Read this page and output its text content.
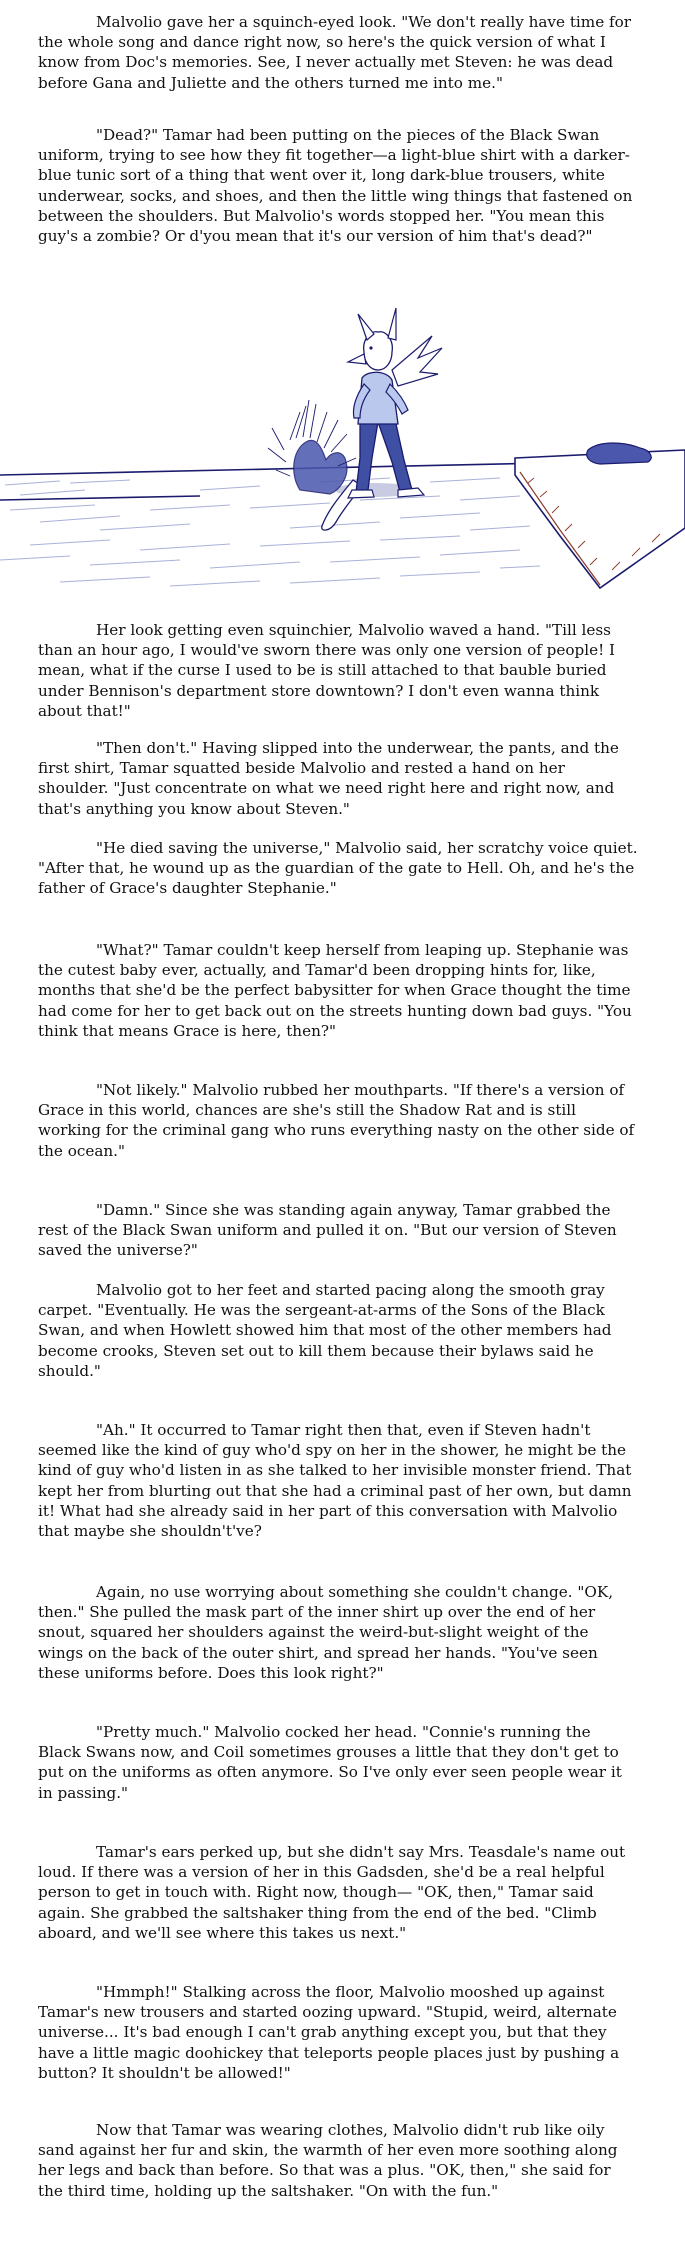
Malvolio gave her a squinch-eyed look. "We don't really have time for the whole song and dance right now, so here's the quick version of what I know from Doc's memories. See, I never actually met Steven: he was dead before Gana and Juliette and the others turned me into me."

"Dead?" Tamar had been putting on the pieces of the Black Swan uniform, trying to see how they fit together—a light-blue shirt with a darker-blue tunic sort of a thing that went over it, long dark-blue trousers, white underwear, socks, and shoes, and then the little wing things that fastened on between the shoulders. But Malvolio's words stopped her. "You mean this guy's a zombie? Or d'you mean that it's our version of him that's dead?"

Her look getting even squinchier, Malvolio waved a hand. "Till less than an hour ago, I would've sworn there was only one version of people! I mean, what if the curse I used to be is still attached to that bauble buried under Bennison's department store downtown? I don't even wanna think about that!"

"Then don't." Having slipped into the underwear, the pants, and the first shirt, Tamar squatted beside Malvolio and rested a hand on her shoulder. "Just concentrate on what we need right here and right now, and that's anything you know about Steven."

"He died saving the universe," Malvolio said, her scratchy voice quiet. "After that, he wound up as the guardian of the gate to Hell. Oh, and he's the father of Grace's daughter Stephanie."

"What?" Tamar couldn't keep herself from leaping up. Stephanie was the cutest baby ever, actually, and Tamar'd been dropping hints for, like, months that she'd be the perfect babysitter for when Grace thought the time had come for her to get back out on the streets hunting down bad guys. "You think that means Grace is here, then?"

"Not likely." Malvolio rubbed her mouthparts. "If there's a version of Grace in this world, chances are she's still the Shadow Rat and is still working for the criminal gang who runs everything nasty on the other side of the ocean."

"Damn." Since she was standing again anyway, Tamar grabbed the rest of the Black Swan uniform and pulled it on. "But our version of Steven saved the universe?"

Malvolio got to her feet and started pacing along the smooth gray carpet. "Eventually. He was the sergeant-at-arms of the Sons of the Black Swan, and when Howlett showed him that most of the other members had become crooks, Steven set out to kill them because their bylaws said he should."

"Ah." It occurred to Tamar right then that, even if Steven hadn't seemed like the kind of guy who'd spy on her in the shower, he might be the kind of guy who'd listen in as she talked to her invisible monster friend. That kept her from blurting out that she had a criminal past of her own, but damn it! What had she already said in her part of this conversation with Malvolio that maybe she shouldn't've?

Again, no use worrying about something she couldn't change. "OK, then." She pulled the mask part of the inner shirt up over the end of her snout, squared her shoulders against the weird-but-slight weight of the wings on the back of the outer shirt, and spread her hands. "You've seen these uniforms before. Does this look right?"

"Pretty much." Malvolio cocked her head. "Connie's running the Black Swans now, and Coil sometimes grouses a little that they don't get to put on the uniforms as often anymore. So I've only ever seen people wear it in passing."

Tamar's ears perked up, but she didn't say Mrs. Teasdale's name out loud. If there was a version of her in this Gadsden, she'd be a real helpful person to get in touch with. Right now, though— "OK, then," Tamar said again. She grabbed the saltshaker thing from the end of the bed. "Climb aboard, and we'll see where this takes us next."

"Hmmph!" Stalking across the floor, Malvolio mooshed up against Tamar's new trousers and started oozing upward. "Stupid, weird, alternate universe... It's bad enough I can't grab anything except you, but that they have a little magic doohickey that teleports people places just by pushing a button? It shouldn't be allowed!"

Now that Tamar was wearing clothes, Malvolio didn't rub like oily sand against her fur and skin, the warmth of her even more soothing along her legs and back than before. So that was a plus. "OK, then," she said for the third time, holding up the saltshaker. "On with the fun."
